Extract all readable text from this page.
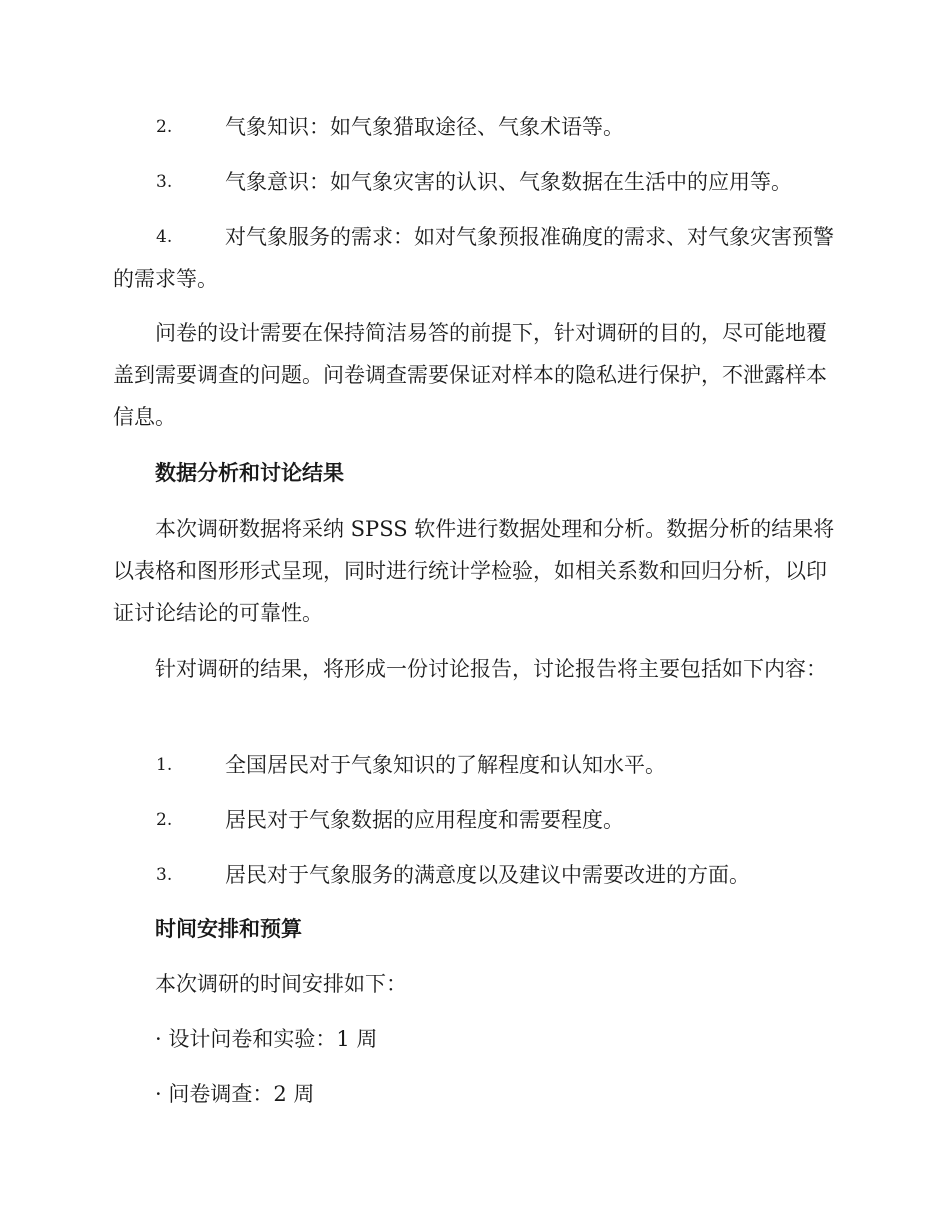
2.	气象知识：如气象猎取途径、气象术语等。
3.	气象意识：如气象灾害的认识、气象数据在生活中的应用等。
4.	对气象服务的需求：如对气象预报准确度的需求、对气象灾害预警的需求等。

问卷的设计需要在保持简洁易答的前提下，针对调研的目的，尽可能地覆盖到需要调查的问题。问卷调查需要保证对样本的隐私进行保护，不泄露样本信息。

数据分析和讨论结果

本次调研数据将采纳 SPSS 软件进行数据处理和分析。数据分析的结果将以表格和图形形式呈现，同时进行统计学检验，如相关系数和回归分析，以印证讨论结论的可靠性。

针对调研的结果，将形成一份讨论报告，讨论报告将主要包括如下内容：

1.	全国居民对于气象知识的了解程度和认知水平。
2.	居民对于气象数据的应用程度和需要程度。
3.	居民对于气象服务的满意度以及建议中需要改进的方面。
时间安排和预算
本次调研的时间安排如下：
· 设计问卷和实验：1 周
· 问卷调查：2 周
